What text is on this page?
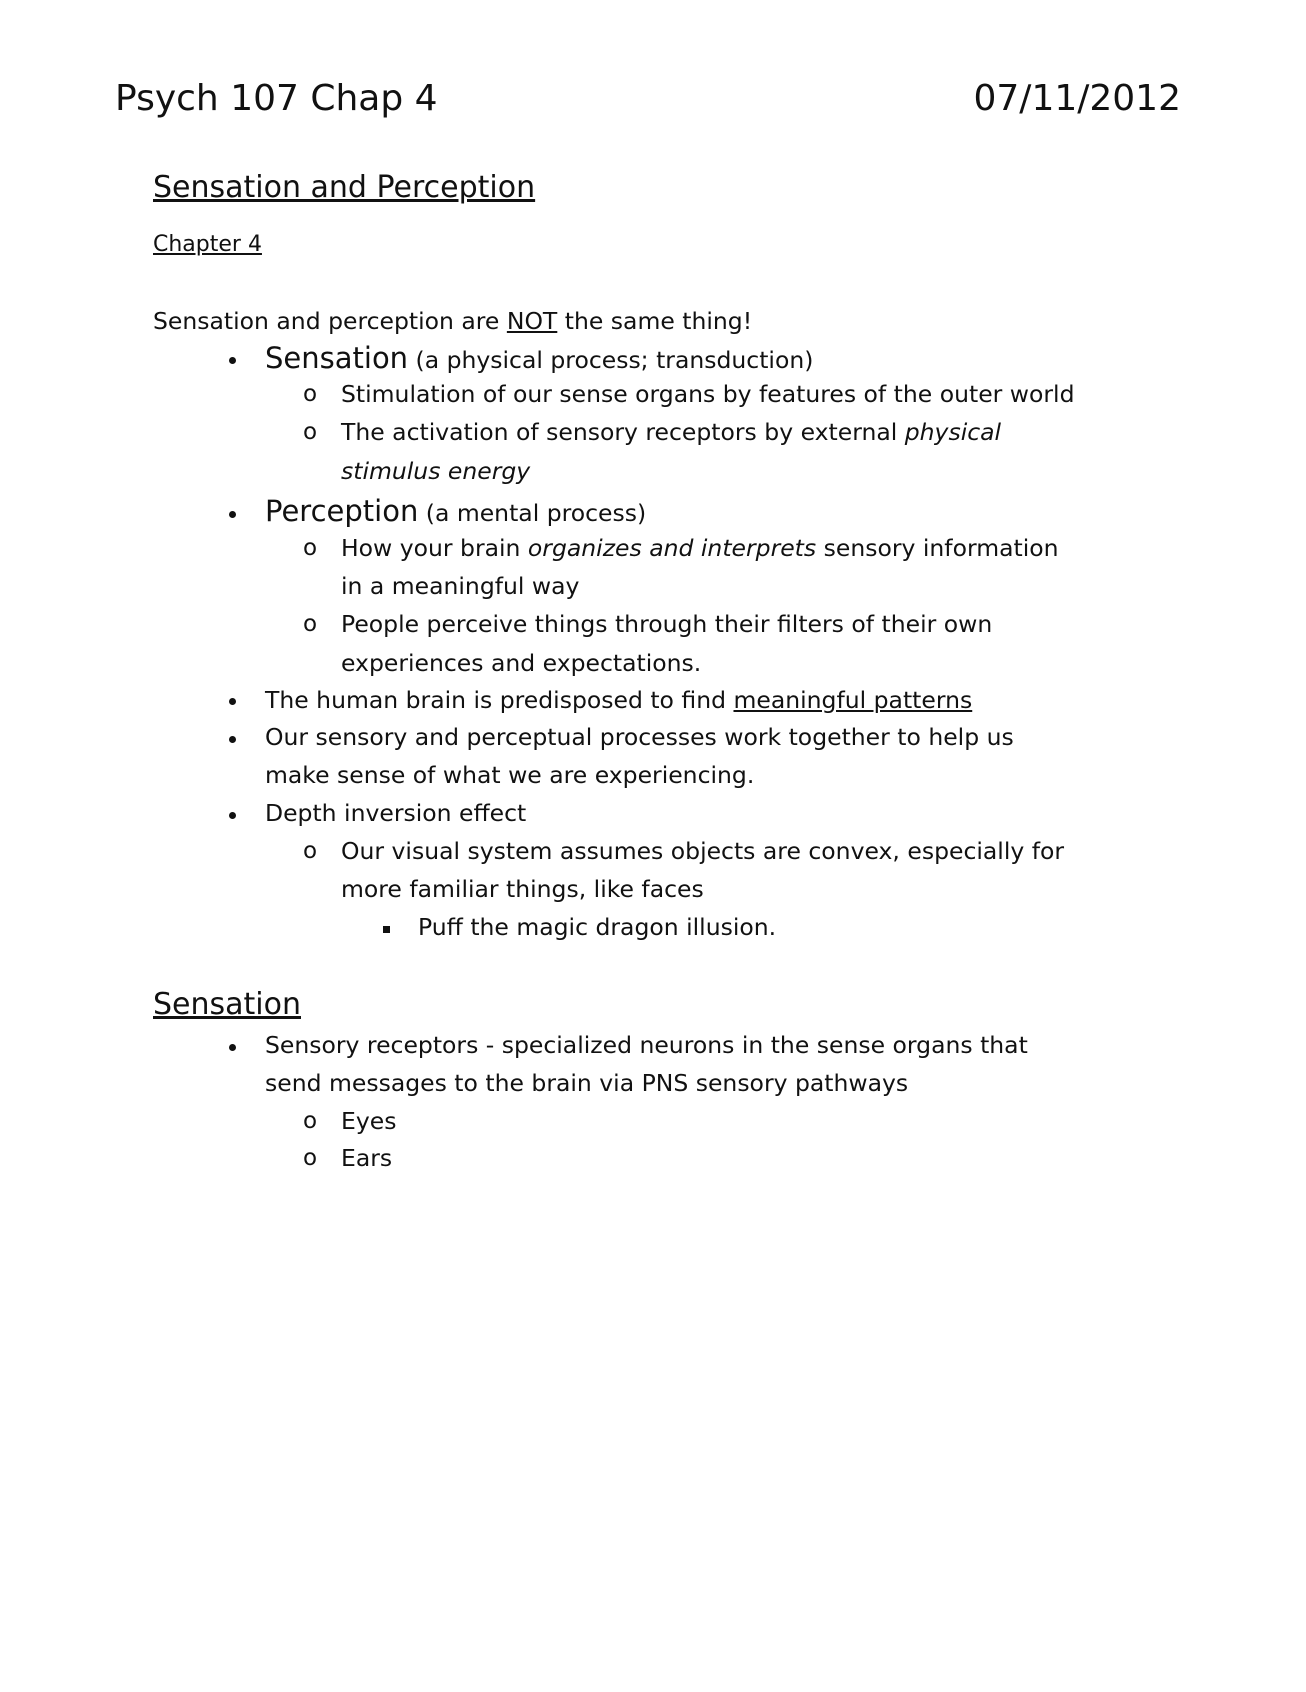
Psych 107 Chap 4	07/11/2012
Sensation and Perception
Chapter 4
Sensation and perception are NOT the same thing!
Sensation (a physical process; transduction)
o Stimulation of our sense organs by features of the outer world
o The activation of sensory receptors by external physical
stimulus energy
Perception (a mental process)
o How your brain organizes and interprets sensory information
in a meaningful way
o People perceive things through their filters of their own
experiences and expectations.
The human brain is predisposed to find meaningful patterns
Our sensory and perceptual processes work together to help us
make sense of what we are experiencing.
Depth inversion effect
o Our visual system assumes objects are convex, especially for
more familiar things, like faces
Puff the magic dragon illusion.
Sensation
Sensory receptors - specialized neurons in the sense organs that
send messages to the brain via PNS sensory pathways
o Eyes
o Ears
